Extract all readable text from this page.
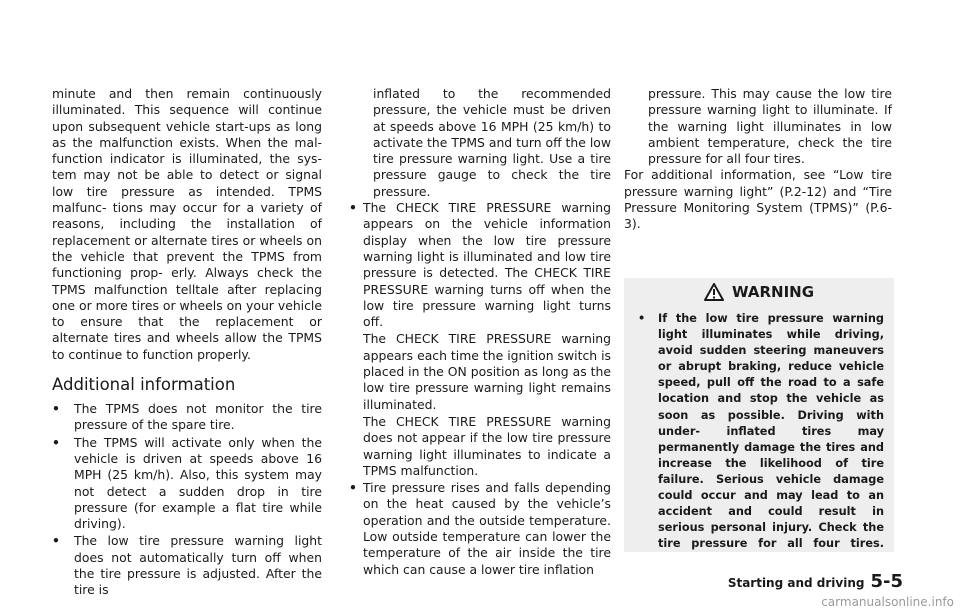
minute and then remain continuously illuminated. This sequence will continue upon subsequent vehicle start-ups as long as the malfunction exists. When the mal- function indicator is illuminated, the sys- tem may not be able to detect or signal low tire pressure as intended. TPMS malfunc- tions may occur for a variety of reasons, including the installation of replacement or alternate tires or wheels on the vehicle that prevent the TPMS from functioning prop- erly. Always check the TPMS malfunction telltale after replacing one or more tires or wheels on your vehicle to ensure that the replacement or alternate tires and wheels allow the TPMS to continue to function properly.

Additional information
• The TPMS does not monitor the tire pressure of the spare tire.
• The TPMS will activate only when the vehicle is driven at speeds above 16 MPH (25 km/h). Also, this system may not detect a sudden drop in tire pressure (for example a flat tire while driving).
• The low tire pressure warning light does not automatically turn off when the tire pressure is adjusted. After the tire is

inflated to the recommended pressure, the vehicle must be driven at speeds above 16 MPH (25 km/h) to activate the TPMS and turn off the low tire pressure warning light. Use a tire pressure gauge to check the tire pressure.

• The CHECK TIRE PRESSURE warning appears on the vehicle information display when the low tire pressure warning light is illuminated and low tire pressure is detected. The CHECK TIRE PRESSURE warning turns off when the low tire pressure warning light turns off.
The CHECK TIRE PRESSURE warning appears each time the ignition switch is placed in the ON position as long as the low tire pressure warning light remains illuminated.
The CHECK TIRE PRESSURE warning does not appear if the low tire pressure warning light illuminates to indicate a TPMS malfunction.
• Tire pressure rises and falls depending on the heat caused by the vehicle’s operation and the outside temperature. Low outside temperature can lower the temperature of the air inside the tire which can cause a lower tire inflation

pressure. This may cause the low tire pressure warning light to illuminate. If the warning light illuminates in low ambient temperature, check the tire pressure for all four tires.

For additional information, see “Low tire pressure warning light” (P.2-12) and “Tire Pressure Monitoring System (TPMS)” (P.6- 3).

WARNING
• If the low tire pressure warning light illuminates while driving, avoid sudden steering maneuvers or abrupt braking, reduce vehicle speed, pull off the road to a safe location and stop the vehicle as soon as possible. Driving with under- inflated tires may permanently damage the tires and increase the likelihood of tire failure. Serious vehicle damage could occur and may lead to an accident and could result in serious personal injury. Check the tire pressure for all four tires.
Starting and driving 5-5
carmanualsonline.info
